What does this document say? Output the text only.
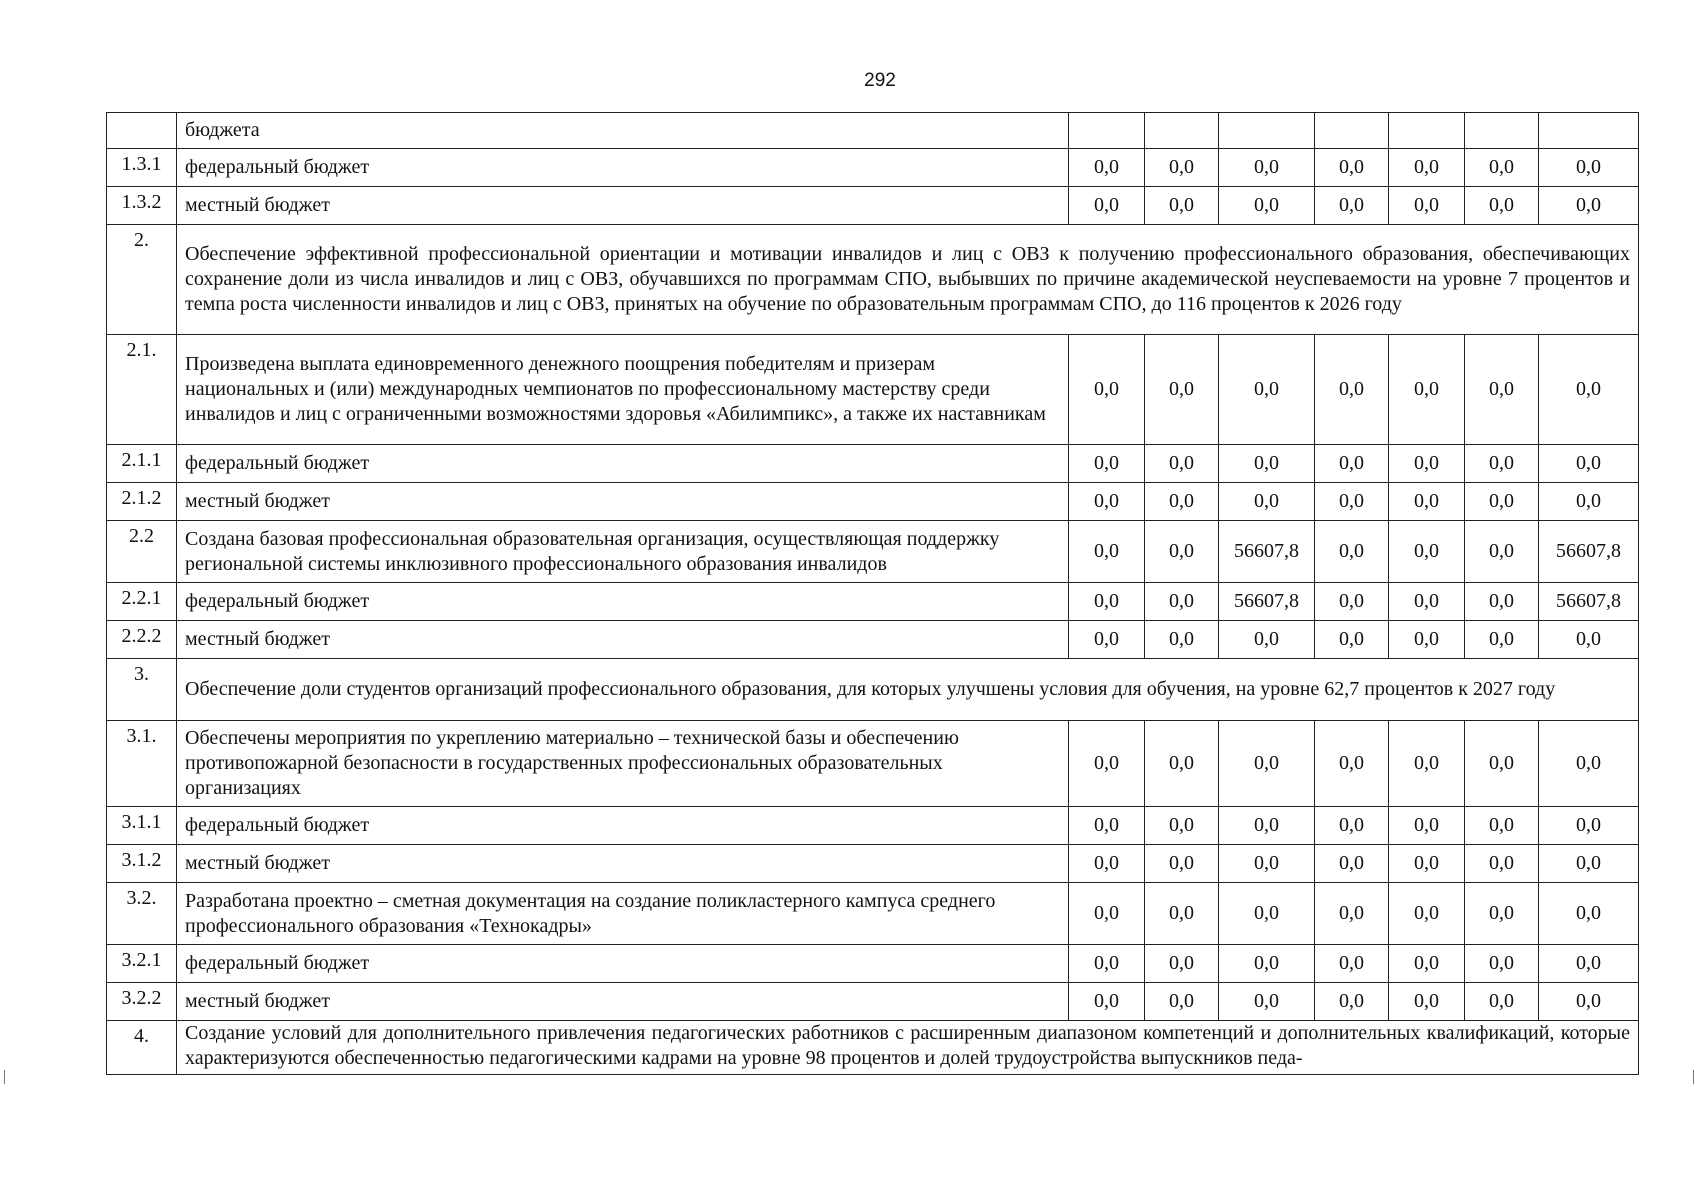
292
	бюджета							
1.3.1	федеральный бюджет	0,0	0,0	0,0	0,0	0,0	0,0	0,0
1.3.2	местный бюджет	0,0	0,0	0,0	0,0	0,0	0,0	0,0
2.	Обеспечение эффективной профессиональной ориентации и мотивации инвалидов и лиц с ОВЗ к получению профессионального образования, обеспечивающих сохранение доли из числа инвалидов и лиц с ОВЗ, обучавшихся по программам СПО, выбывших по причине академической неуспеваемости на уровне 7 процентов и темпа роста численности инвалидов и лиц с ОВЗ, принятых на обучение по образовательным программам СПО, до 116 процентов к 2026 году							
2.1.	Произведена выплата единовременного денежного поощрения победителям и призерам национальных и (или) международных чемпионатов по профессиональному мастерству среди инвалидов и лиц с ограниченными возможностями здоровья «Абилимпикс», а также их наставникам	0,0	0,0	0,0	0,0	0,0	0,0	0,0
2.1.1	федеральный бюджет	0,0	0,0	0,0	0,0	0,0	0,0	0,0
2.1.2	местный бюджет	0,0	0,0	0,0	0,0	0,0	0,0	0,0
2.2	Создана базовая профессиональная образовательная организация, осуществляющая поддержку региональной системы инклюзивного профессионального образования инвалидов	0,0	0,0	56607,8	0,0	0,0	0,0	56607,8
2.2.1	федеральный бюджет	0,0	0,0	56607,8	0,0	0,0	0,0	56607,8
2.2.2	местный бюджет	0,0	0,0	0,0	0,0	0,0	0,0	0,0
3.	Обеспечение доли студентов организаций профессионального образования, для которых улучшены условия для обучения, на уровне 62,7 процентов к 2027 году							
3.1.	Обеспечены мероприятия по укреплению материально – технической базы и обеспечению противопожарной безопасности в государственных профессиональных образовательных организациях	0,0	0,0	0,0	0,0	0,0	0,0	0,0
3.1.1	федеральный бюджет	0,0	0,0	0,0	0,0	0,0	0,0	0,0
3.1.2	местный бюджет	0,0	0,0	0,0	0,0	0,0	0,0	0,0
3.2.	Разработана проектно – сметная документация на создание поликластерного кампуса среднего профессионального образования «Технокадры»	0,0	0,0	0,0	0,0	0,0	0,0	0,0
3.2.1	федеральный бюджет	0,0	0,0	0,0	0,0	0,0	0,0	0,0
3.2.2	местный бюджет	0,0	0,0	0,0	0,0	0,0	0,0	0,0
4.	Создание условий для дополнительного привлечения педагогических работников с расширенным диапазоном компетенций и дополнительных квалификаций, которые характеризуются обеспеченностью педагогическими кадрами на уровне 98 процентов и долей трудоустройства выпускников педа-							
